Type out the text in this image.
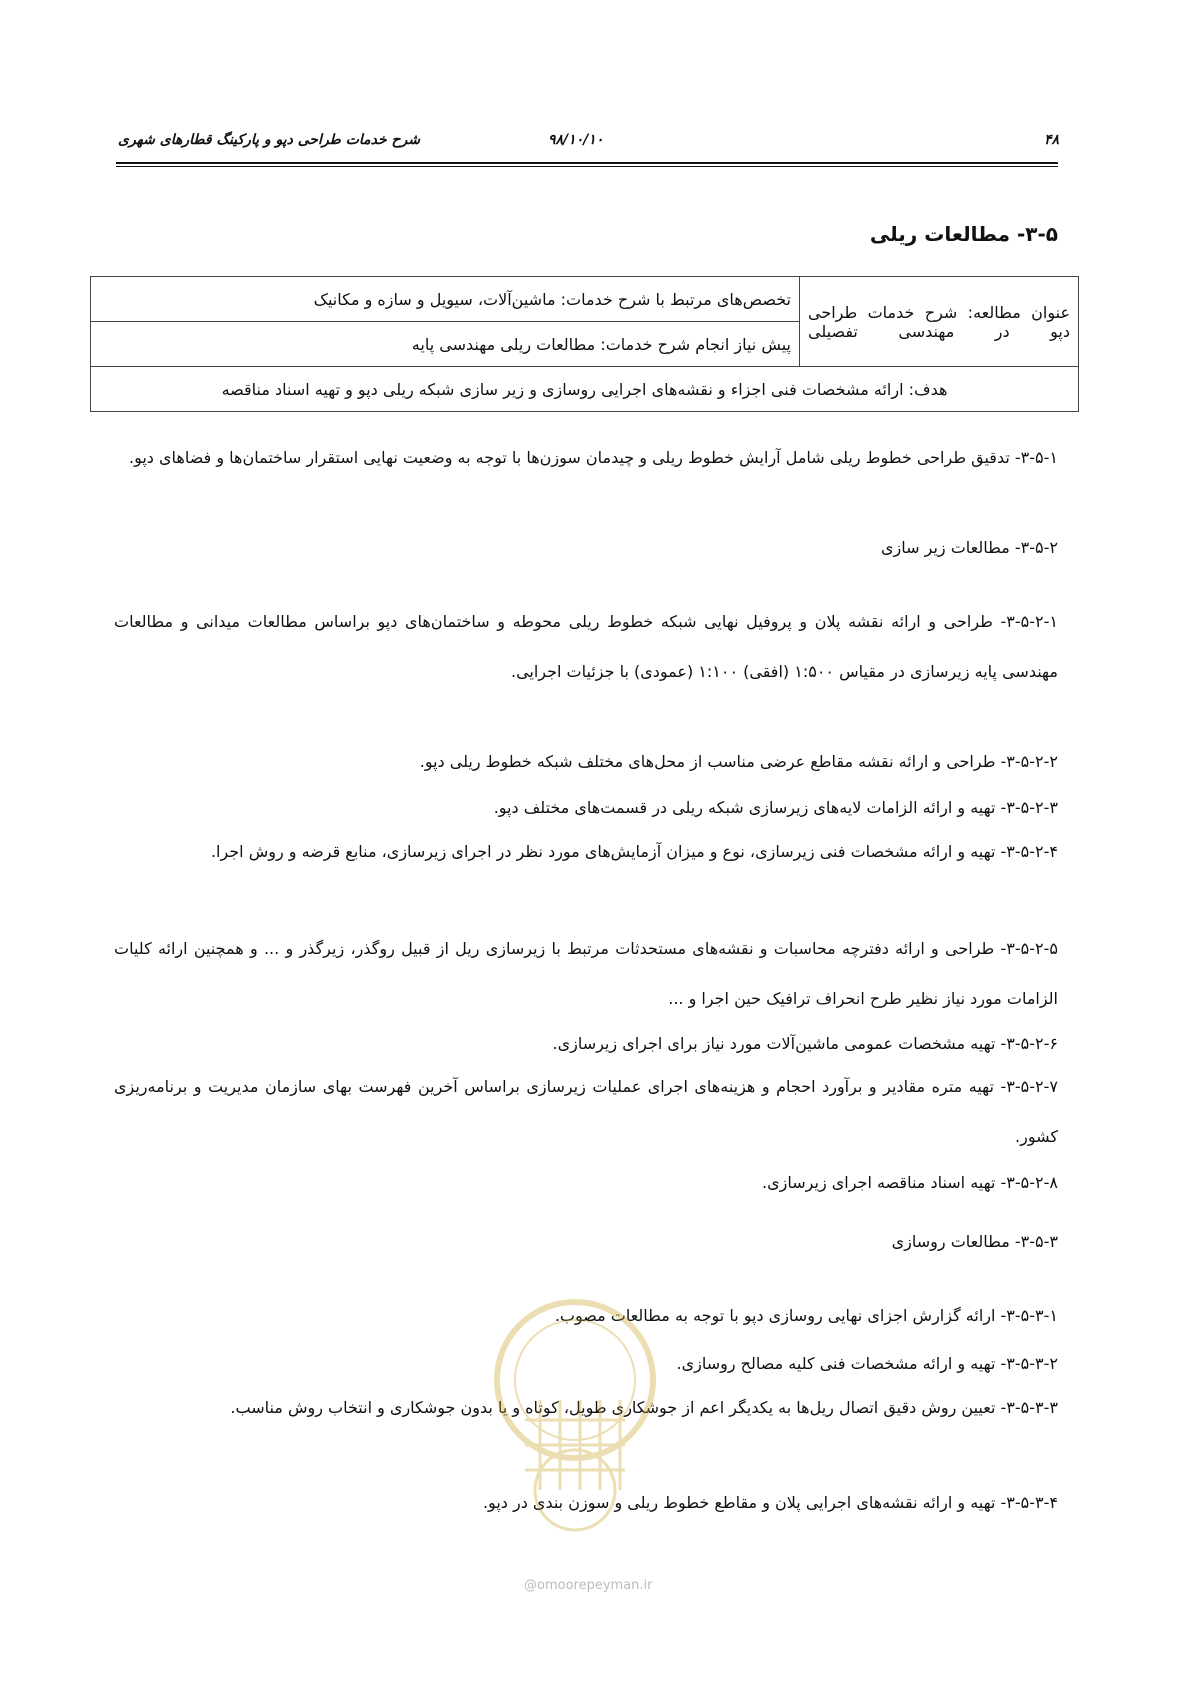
۴۸
۹۸/۱۰/۱۰
شرح خدمات طراحی دپو و پارکینگ قطارهای شهری
۳-۵- مطالعات ریلی
عنوان مطالعه: شرح خدمات طراحی دپو در مهندسی تفصیلی	تخصص‌های مرتبط با شرح خدمات: ماشین‌آلات، سیویل و سازه و مکانیک
پیش نیاز انجام شرح خدمات: مطالعات ریلی مهندسی پایه
هدف: ارائه مشخصات فنی اجزاء و نقشه‌های اجرایی روسازی و زیر سازی شبکه ریلی دپو و تهیه اسناد مناقصه
۳-۵-۱- تدقیق طراحی خطوط ریلی شامل آرایش خطوط ریلی و چیدمان سوزن‌ها با توجه به وضعیت نهایی استقرار ساختمان‌ها و فضاهای دپو.
۳-۵-۲- مطالعات زیر سازی
۳-۵-۲-۱- طراحی و ارائه نقشه پلان و پروفیل نهایی شبکه خطوط ریلی محوطه و ساختمان‌های دپو براساس مطالعات میدانی و مطالعات مهندسی پایه زیرسازی در مقیاس ۱:۵۰۰ (افقی) ۱:۱۰۰ (عمودی) با جزئیات اجرایی.
۳-۵-۲-۲- طراحی و ارائه نقشه مقاطع عرضی مناسب از محل‌های مختلف شبکه خطوط ریلی دپو.
۳-۵-۲-۳- تهیه و ارائه الزامات لایه‌های زیرسازی شبکه ریلی در قسمت‌های مختلف دپو.
۳-۵-۲-۴- تهیه و ارائه مشخصات فنی زیرسازی، نوع و میزان آزمایش‌های مورد نظر در اجرای زیرسازی، منابع قرضه و روش اجرا.
۳-۵-۲-۵- طراحی و ارائه دفترچه محاسبات و نقشه‌های مستحدثات مرتبط با زیرسازی ریل از قبیل روگذر، زیرگذر و ... و همچنین ارائه کلیات الزامات مورد نیاز نظیر طرح انحراف ترافیک حین اجرا و ...
۳-۵-۲-۶- تهیه مشخصات عمومی ماشین‌آلات مورد نیاز برای اجرای زیرسازی.
۳-۵-۲-۷- تهیه متره مقادیر و برآورد احجام و هزینه‌های اجرای عملیات زیرسازی براساس آخرین فهرست بهای سازمان مدیریت و برنامه‌ریزی کشور.
۳-۵-۲-۸- تهیه اسناد مناقصه اجرای زیرسازی.
۳-۵-۳- مطالعات روسازی
۳-۵-۳-۱- ارائه گزارش اجزای نهایی روسازی دپو با توجه به مطالعات مصوب.
۳-۵-۳-۲- تهیه و ارائه مشخصات فنی کلیه مصالح روسازی.
۳-۵-۳-۳- تعیین روش دقیق اتصال ریل‌ها به یکدیگر اعم از جوشکاری طویل، کوتاه و یا بدون جوشکاری و انتخاب روش مناسب.
۳-۵-۳-۴- تهیه و ارائه نقشه‌های اجرایی پلان و مقاطع خطوط ریلی و سوزن بندی در دپو.
@omoorepeyman.ir
